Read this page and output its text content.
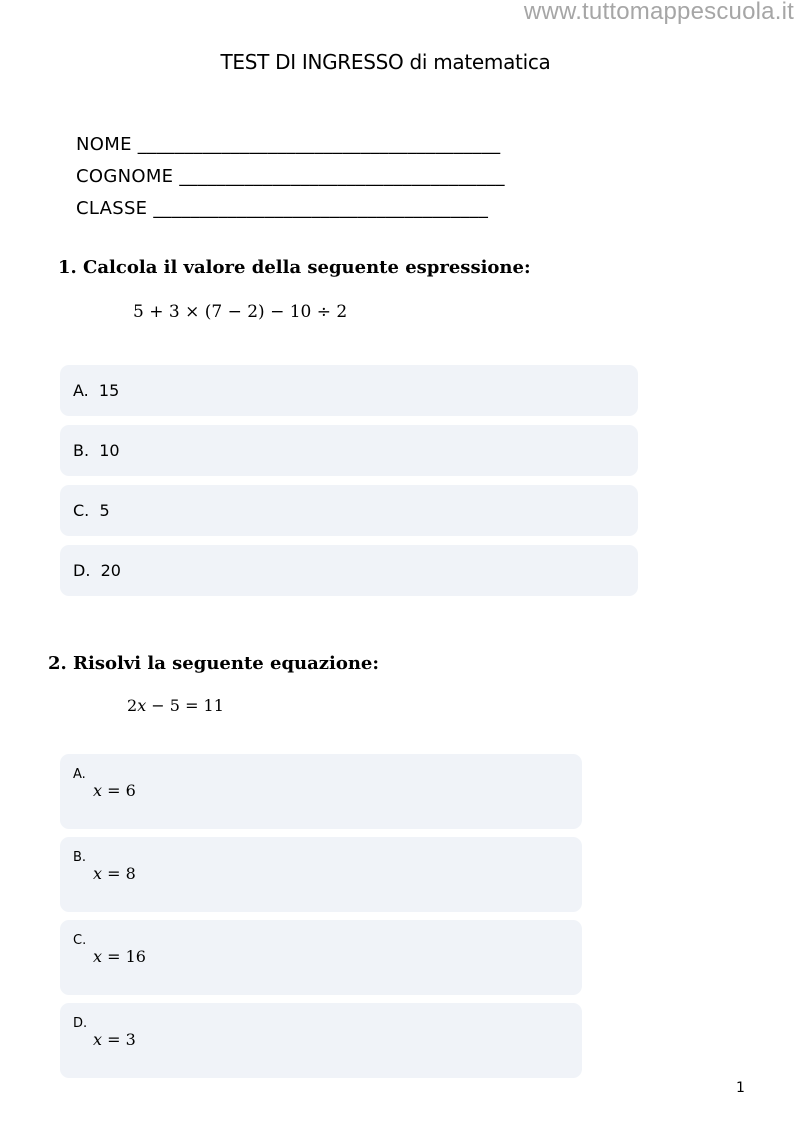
www.tuttomappescuola.it
TEST DI INGRESSO di matematica
NOME _______________________________________
COGNOME ___________________________________
CLASSE ____________________________________
1. Calcola il valore della seguente espressione:
5 + 3 × (7 − 2) − 10 ÷ 2
A. 15
B. 10
C. 5
D. 20
2. Risolvi la seguente equazione:
2x − 5 = 11
A.
x = 6
B.
x = 8
C.
x = 16
D.
x = 3
1
